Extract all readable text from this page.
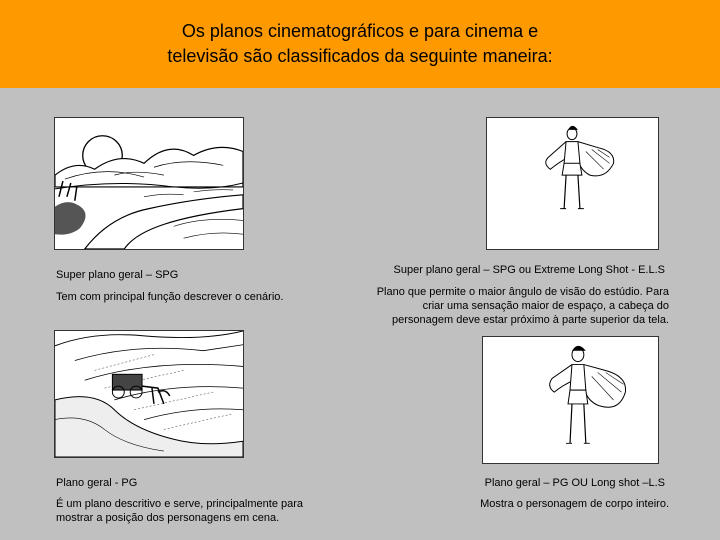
Os planos cinematográficos e para cinema e
televisão são classificados da seguinte maneira:
Super plano geral – SPG
Tem com principal função descrever o cenário.
Super plano geral – SPG ou Extreme Long Shot - E.L.S
Plano que permite o maior ângulo de visão do estúdio. Para
criar uma sensação maior de espaço, a cabeça do
personagem deve estar próximo à parte superior da tela.
Plano geral - PG
É um plano descritivo e serve, principalmente para
mostrar a posição dos personagens em cena.
Plano geral – PG OU Long shot –L.S
Mostra o personagem de corpo inteiro.
